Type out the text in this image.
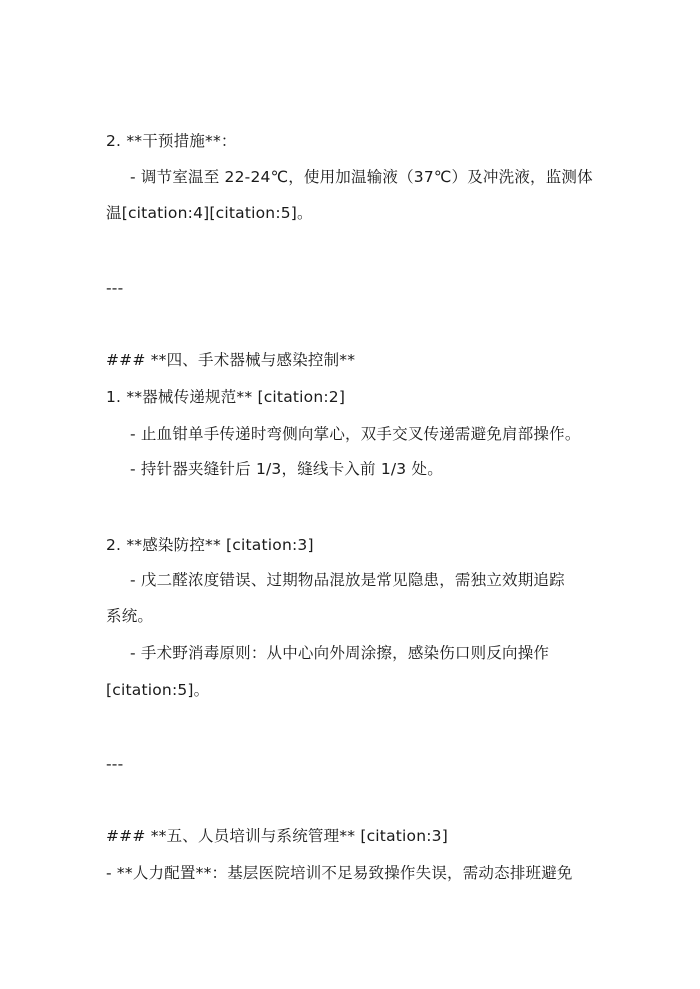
2. **干预措施**：
- 调节室温至 22-24℃，使用加温输液（37℃）及冲洗液，监测体
温[citation:4][citation:5]。
---
### **四、手术器械与感染控制**
1. **器械传递规范** [citation:2]
- 止血钳单手传递时弯侧向掌心，双手交叉传递需避免肩部操作。
- 持针器夹缝针后 1/3，缝线卡入前 1/3 处。
2. **感染防控** [citation:3]
- 戊二醛浓度错误、过期物品混放是常见隐患，需独立效期追踪
系统。
- 手术野消毒原则：从中心向外周涂擦，感染伤口则反向操作
[citation:5]。
---
### **五、人员培训与系统管理** [citation:3]
- **人力配置**：基层医院培训不足易致操作失误，需动态排班避免
